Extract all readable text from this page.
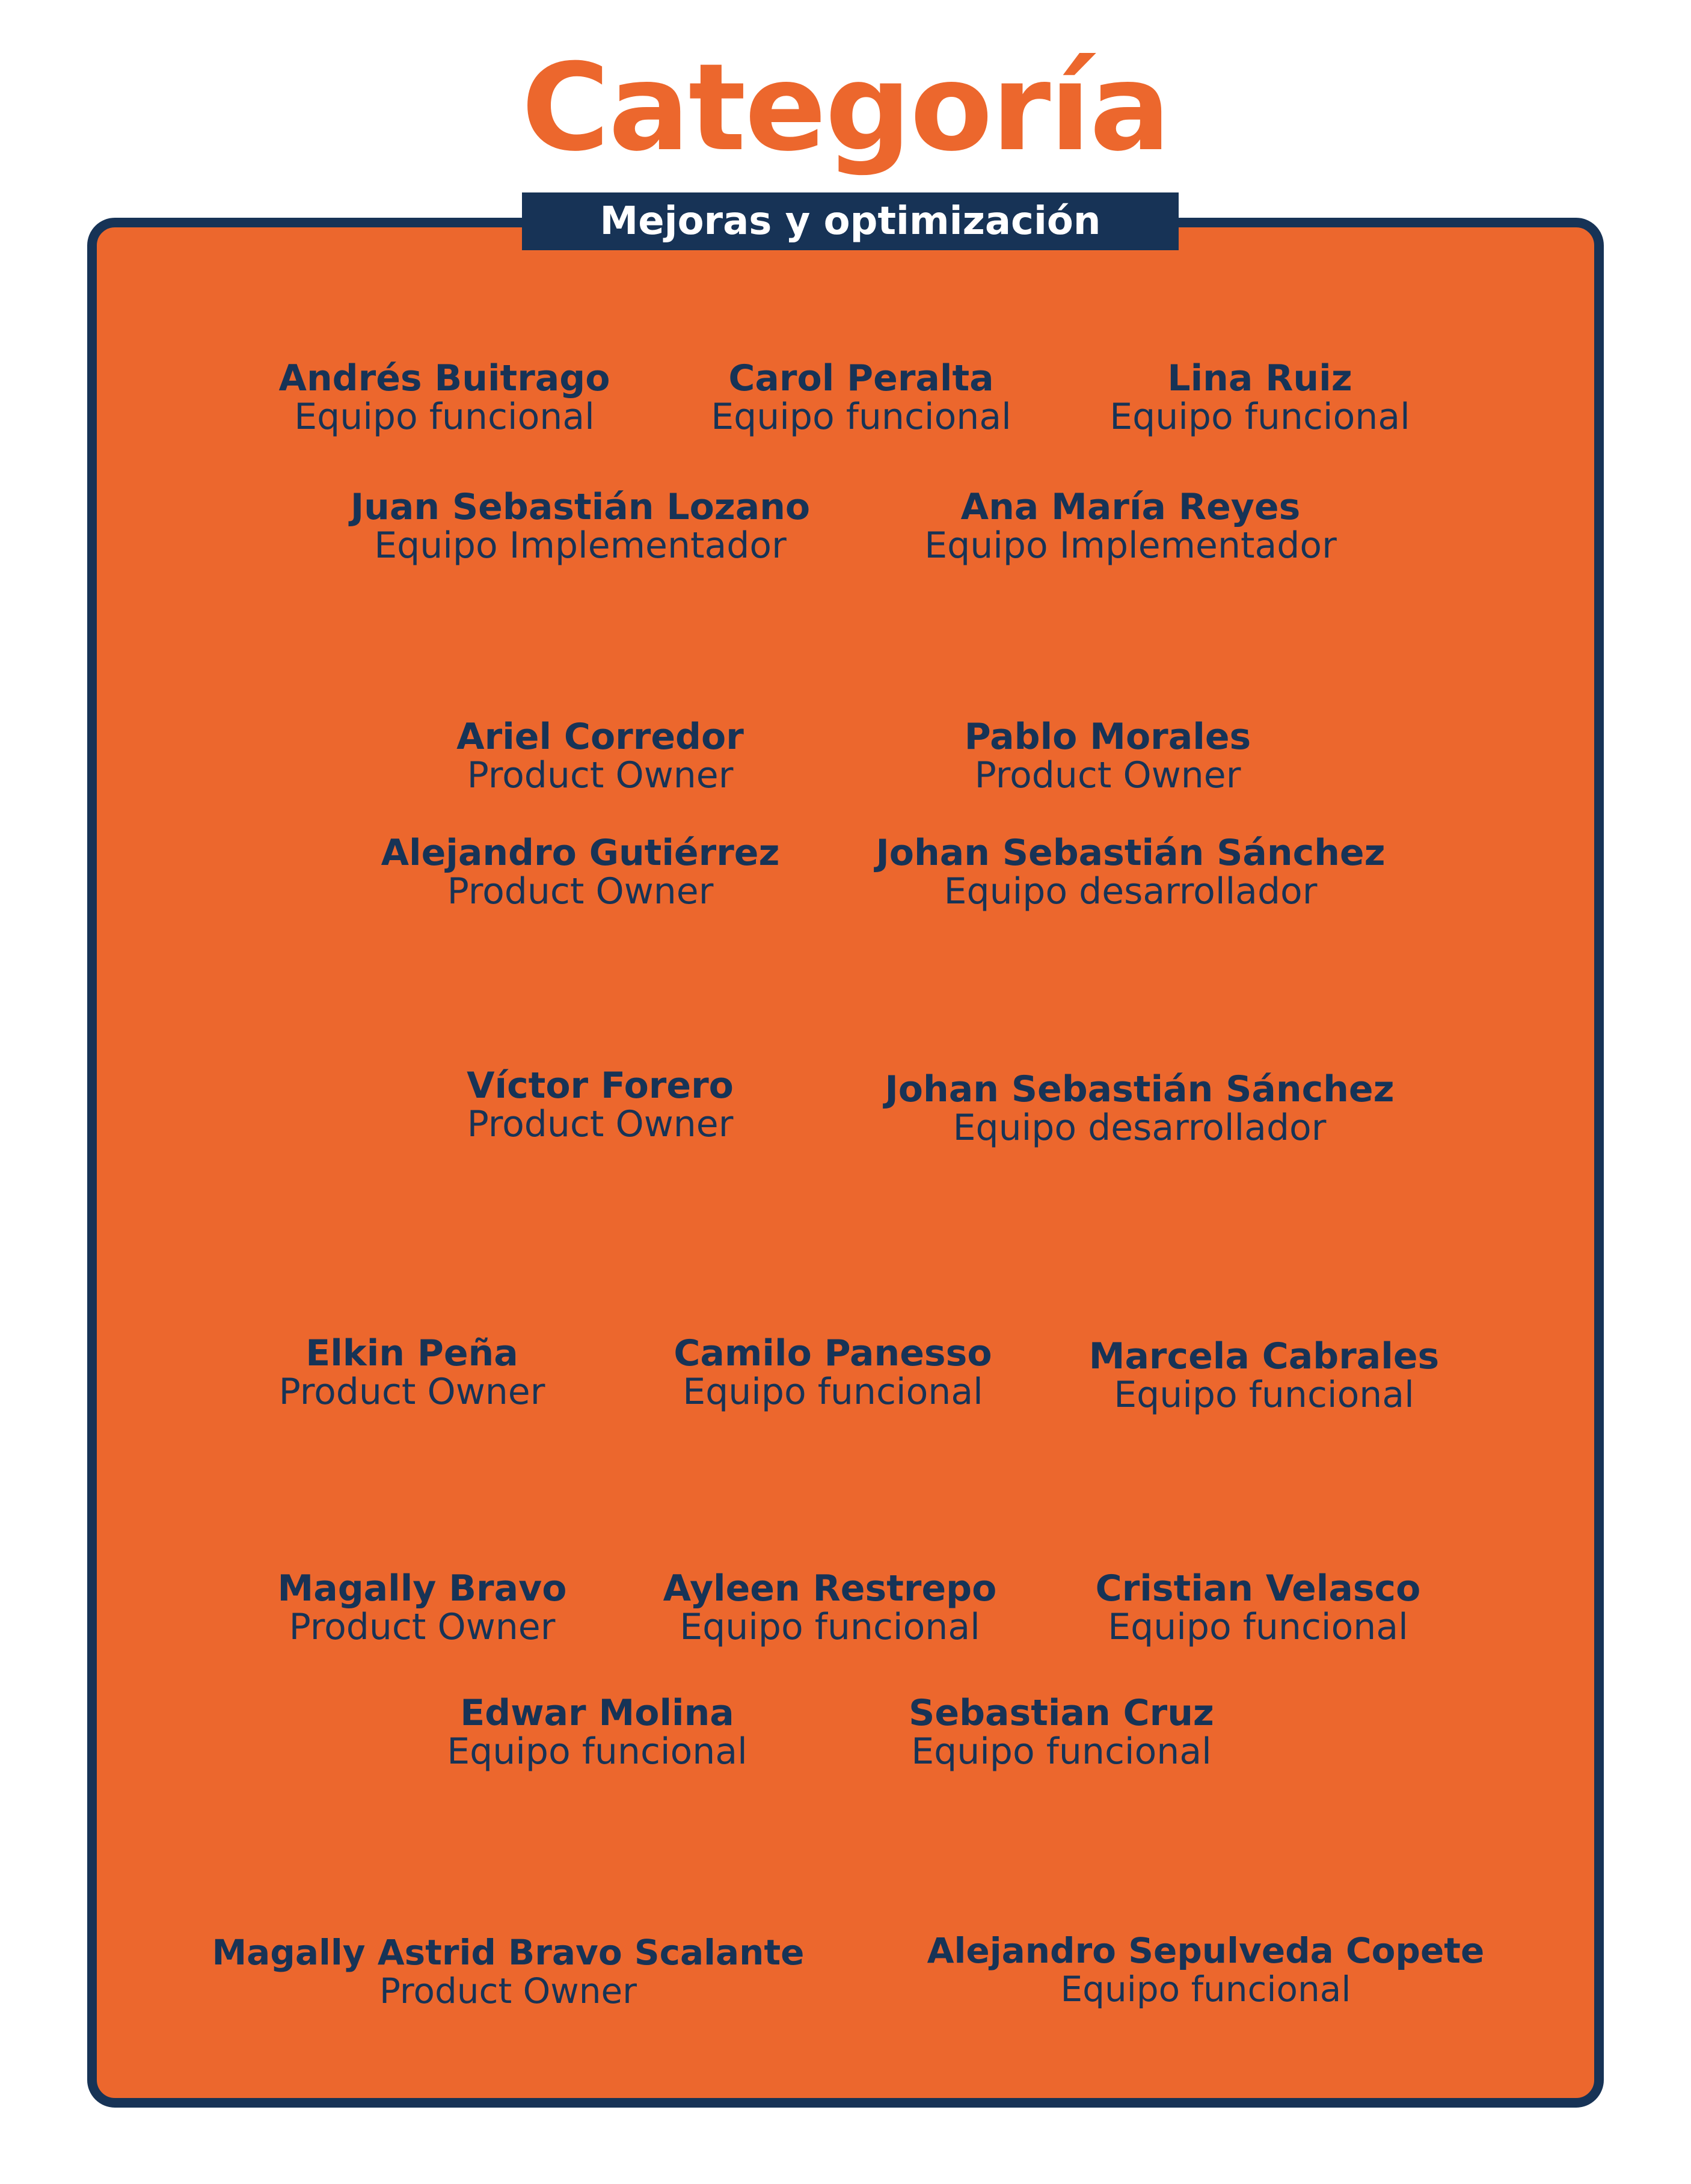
Categoría
Mejoras y optimización
Andrés Buitrago
Equipo funcional
Carol Peralta
Equipo funcional
Lina Ruiz
Equipo funcional
Juan Sebastián Lozano
Equipo Implementador
Ana María Reyes
Equipo Implementador
Ariel Corredor
Product Owner
Pablo Morales
Product Owner
Alejandro Gutiérrez
Product Owner
Johan Sebastián Sánchez
Equipo desarrollador
Víctor Forero
Product Owner
Johan Sebastián Sánchez
Equipo desarrollador
Elkin Peña
Product Owner
Camilo Panesso
Equipo funcional
Marcela Cabrales
Equipo funcional
Magally Bravo
Product Owner
Ayleen Restrepo
Equipo funcional
Cristian Velasco
Equipo funcional
Edwar Molina
Equipo funcional
Sebastian Cruz
Equipo funcional
Magally Astrid Bravo Scalante
Product Owner
Alejandro Sepulveda Copete
Equipo funcional
